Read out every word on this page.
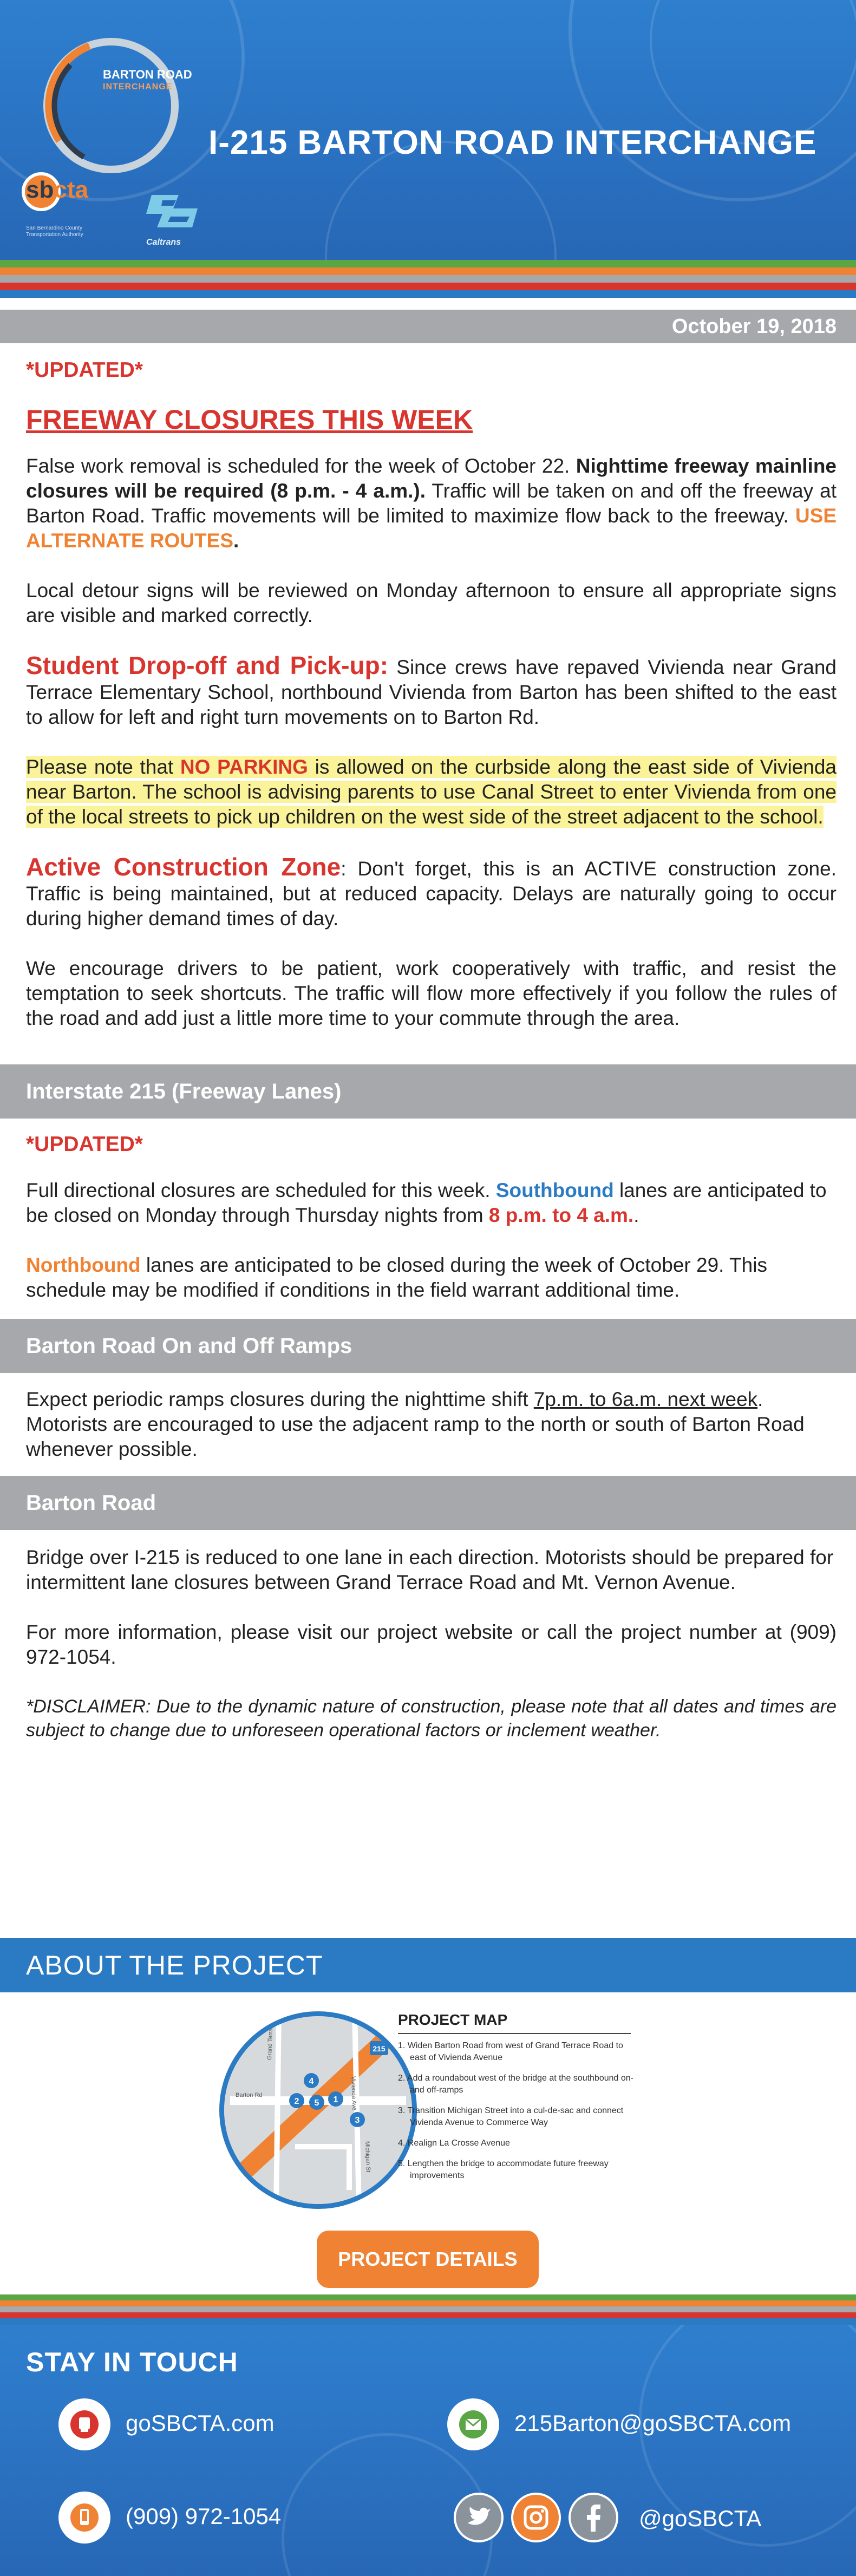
BARTON ROAD
INTERCHANGE
I-215 BARTON ROAD INTERCHANGE
sbcta
San Bernardino County Transportation Authority
Caltrans
October 19, 2018
*UPDATED*
FREEWAY CLOSURES THIS WEEK

False work removal is scheduled for the week of October 22. Nighttime freeway mainline closures will be required (8 p.m. - 4 a.m.). Traffic will be taken on and off the freeway at Barton Road. Traffic movements will be limited to maximize flow back to the freeway. USE ALTERNATE ROUTES.

Local detour signs will be reviewed on Monday afternoon to ensure all appropriate signs are visible and marked correctly.

Student Drop-off and Pick-up: Since crews have repaved Vivienda near Grand Terrace Elementary School, northbound Vivienda from Barton has been shifted to the east to allow for left and right turn movements on to Barton Rd.

Please note that NO PARKING is allowed on the curbside along the east side of Vivienda near Barton. The school is advising parents to use Canal Street to enter Vivienda from one of the local streets to pick up children on the west side of the street adjacent to the school.

Active Construction Zone: Don't forget, this is an ACTIVE construction zone. Traffic is being maintained, but at reduced capacity. Delays are naturally going to occur during higher demand times of day.

We encourage drivers to be patient, work cooperatively with traffic, and resist the temptation to seek shortcuts. The traffic will flow more effectively if you follow the rules of the road and add just a little more time to your commute through the area.

Interstate 215 (Freeway Lanes)
*UPDATED*

Full directional closures are scheduled for this week. Southbound lanes are anticipated to be closed on Monday through Thursday nights from 8 p.m. to 4 a.m..

Northbound lanes are anticipated to be closed during the week of October 29. This schedule may be modified if conditions in the field warrant additional time.

Barton Road On and Off Ramps

Expect periodic ramps closures during the nighttime shift 7p.m. to 6a.m. next week. Motorists are encouraged to use the adjacent ramp to the north or south of Barton Road whenever possible.

Barton Road

Bridge over I-215 is reduced to one lane in each direction. Motorists should be prepared for intermittent lane closures between Grand Terrace Road and Mt. Vernon Avenue.

For more information, please visit our project website or call the project number at (909) 972-1054.

*DISCLAIMER: Due to the dynamic nature of construction, please note that all dates and times are subject to change due to unforeseen operational factors or inclement weather.

ABOUT THE PROJECT
2 5 1
4
3
215
Barton Rd
Grand Terrace Rd
Vivienda Ave
Michigan St
PROJECT MAP
1. Widen Barton Road from west of Grand Terrace Road to east of Vivienda Avenue
2. Add a roundabout west of the bridge at the southbound on- and off-ramps
3. Transition Michigan Street into a cul-de-sac and connect Vivienda Avenue to Commerce Way
4. Realign La Crosse Avenue
5. Lengthen the bridge to accommodate future freeway improvements
PROJECT DETAILS
STAY IN TOUCH
goSBCTA.com	215Barton@goSBCTA.com
(909) 972-1054	@goSBCTA
